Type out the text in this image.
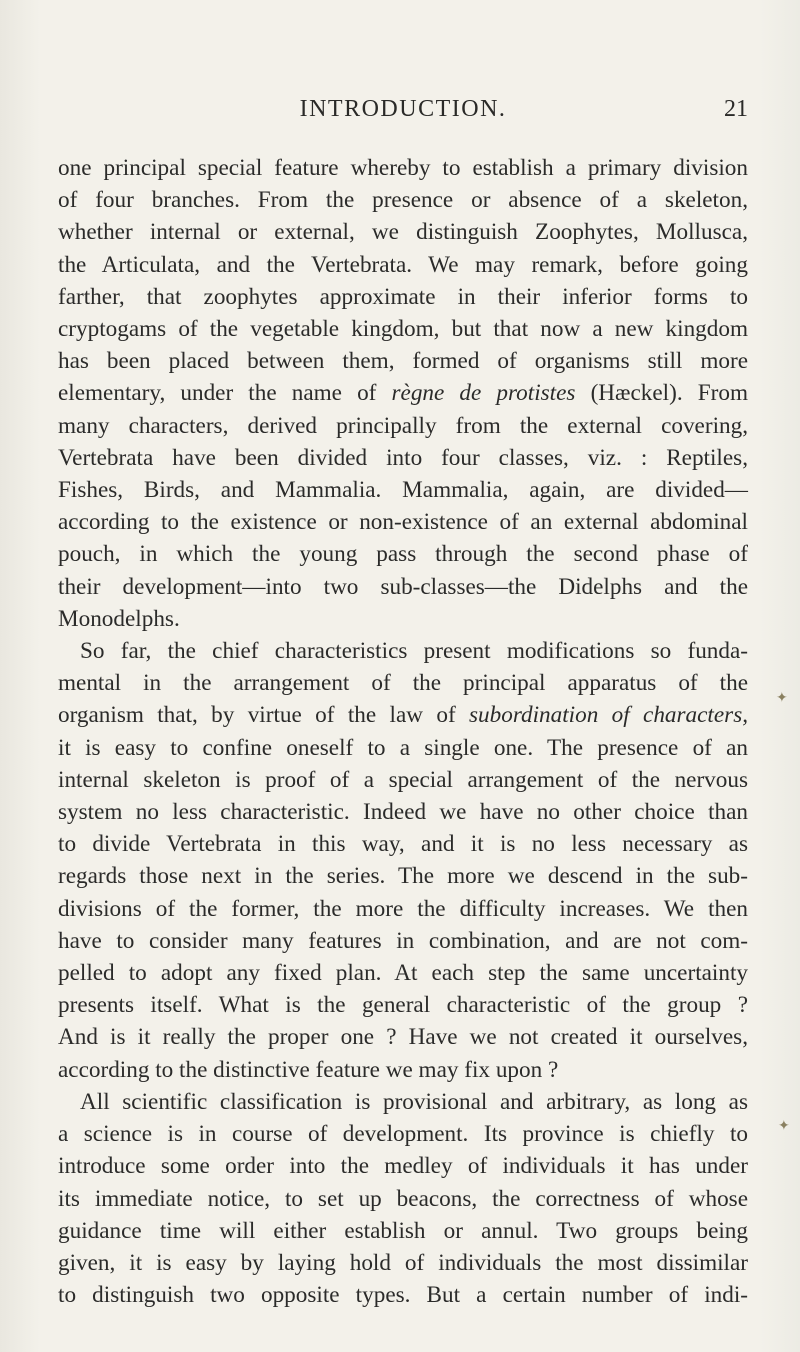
INTRODUCTION.	21

one principal special feature whereby to establish a primary division
of four branches. From the presence or absence of a skeleton,
whether internal or external, we distinguish Zoophytes, Mollusca,
the Articulata, and the Vertebrata. We may remark, before going
farther, that zoophytes approximate in their inferior forms to
cryptogams of the vegetable kingdom, but that now a new kingdom
has been placed between them, formed of organisms still more
elementary, under the name of règne de protistes (Hæckel). From
many characters, derived principally from the external covering,
Vertebrata have been divided into four classes, viz. : Reptiles,
Fishes, Birds, and Mammalia. Mammalia, again, are divided—
according to the existence or non-existence of an external abdominal
pouch, in which the young pass through the second phase of
their development—into two sub-classes—the Didelphs and the
Monodelphs.

So far, the chief characteristics present modifications so funda-

mental in the arrangement of the principal apparatus of the
organism that, by virtue of the law of subordination of characters,
it is easy to confine oneself to a single one. The presence of an
internal skeleton is proof of a special arrangement of the nervous
system no less characteristic. Indeed we have no other choice than
to divide Vertebrata in this way, and it is no less necessary as
regards those next in the series. The more we descend in the sub-
divisions of the former, the more the difficulty increases. We then
have to consider many features in combination, and are not com-
pelled to adopt any fixed plan. At each step the same uncertainty
presents itself. What is the general characteristic of the group ?
And is it really the proper one ? Have we not created it ourselves,
according to the distinctive feature we may fix upon ?

All scientific classification is provisional and arbitrary, as long as

a science is in course of development. Its province is chiefly to
introduce some order into the medley of individuals it has under
its immediate notice, to set up beacons, the correctness of whose
guidance time will either establish or annul. Two groups being
given, it is easy by laying hold of individuals the most dissimilar
to distinguish two opposite types. But a certain number of indi-

✦
✦
